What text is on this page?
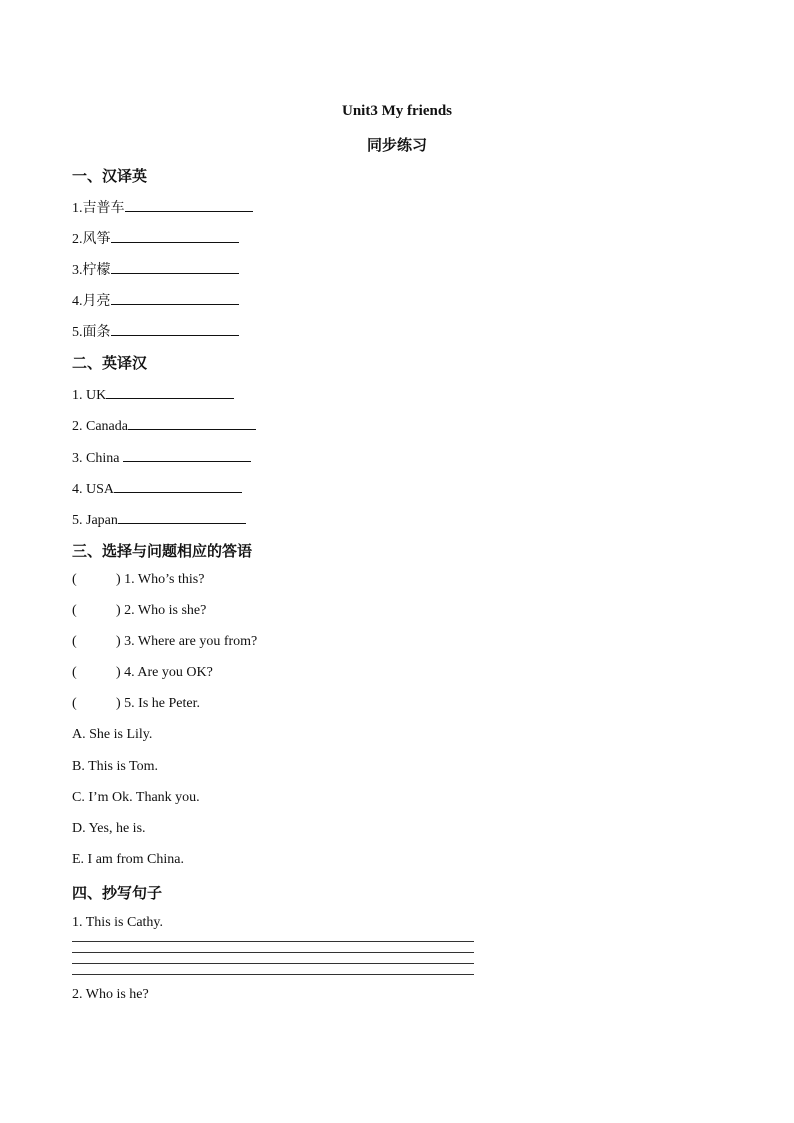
Unit3 My friends
同步练习
一、汉译英
1.吉普车
2.风筝
3.柠檬
4.月亮
5.面条
二、英译汉
1. UK
2. Canada
3. China
4. USA
5. Japan
三、选择与问题相应的答语
(	) 1. Who’s this?
(	) 2. Who is she?
(	) 3. Where are you from?
(	) 4. Are you OK?
(	) 5. Is he Peter.
A. She is Lily.
B. This is Tom.
C. I’m Ok. Thank you.
D. Yes, he is.
E. I am from China.
四、抄写句子
1. This is Cathy.
2. Who is he?
